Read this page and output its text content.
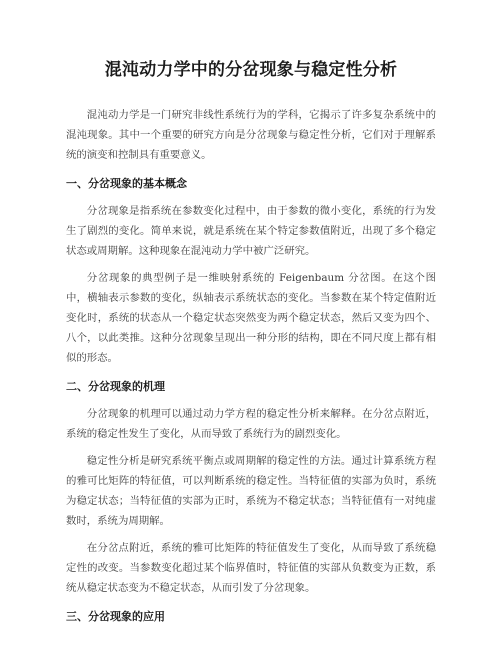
混沌动力学中的分岔现象与稳定性分析

混沌动力学是一门研究非线性系统行为的学科，它揭示了许多复杂系统中的混沌现象。其中一个重要的研究方向是分岔现象与稳定性分析，它们对于理解系统的演变和控制具有重要意义。

一、分岔现象的基本概念

分岔现象是指系统在参数变化过程中，由于参数的微小变化，系统的行为发生了剧烈的变化。简单来说，就是系统在某个特定参数值附近，出现了多个稳定状态或周期解。这种现象在混沌动力学中被广泛研究。

分岔现象的典型例子是一维映射系统的 Feigenbaum 分岔图。在这个图中，横轴表示参数的变化，纵轴表示系统状态的变化。当参数在某个特定值附近变化时，系统的状态从一个稳定状态突然变为两个稳定状态，然后又变为四个、八个，以此类推。这种分岔现象呈现出一种分形的结构，即在不同尺度上都有相似的形态。

二、分岔现象的机理

分岔现象的机理可以通过动力学方程的稳定性分析来解释。在分岔点附近，系统的稳定性发生了变化，从而导致了系统行为的剧烈变化。

稳定性分析是研究系统平衡点或周期解的稳定性的方法。通过计算系统方程的雅可比矩阵的特征值，可以判断系统的稳定性。当特征值的实部为负时，系统为稳定状态；当特征值的实部为正时，系统为不稳定状态；当特征值有一对纯虚数时，系统为周期解。

在分岔点附近，系统的雅可比矩阵的特征值发生了变化，从而导致了系统稳定性的改变。当参数变化超过某个临界值时，特征值的实部从负数变为正数，系统从稳定状态变为不稳定状态，从而引发了分岔现象。

三、分岔现象的应用
